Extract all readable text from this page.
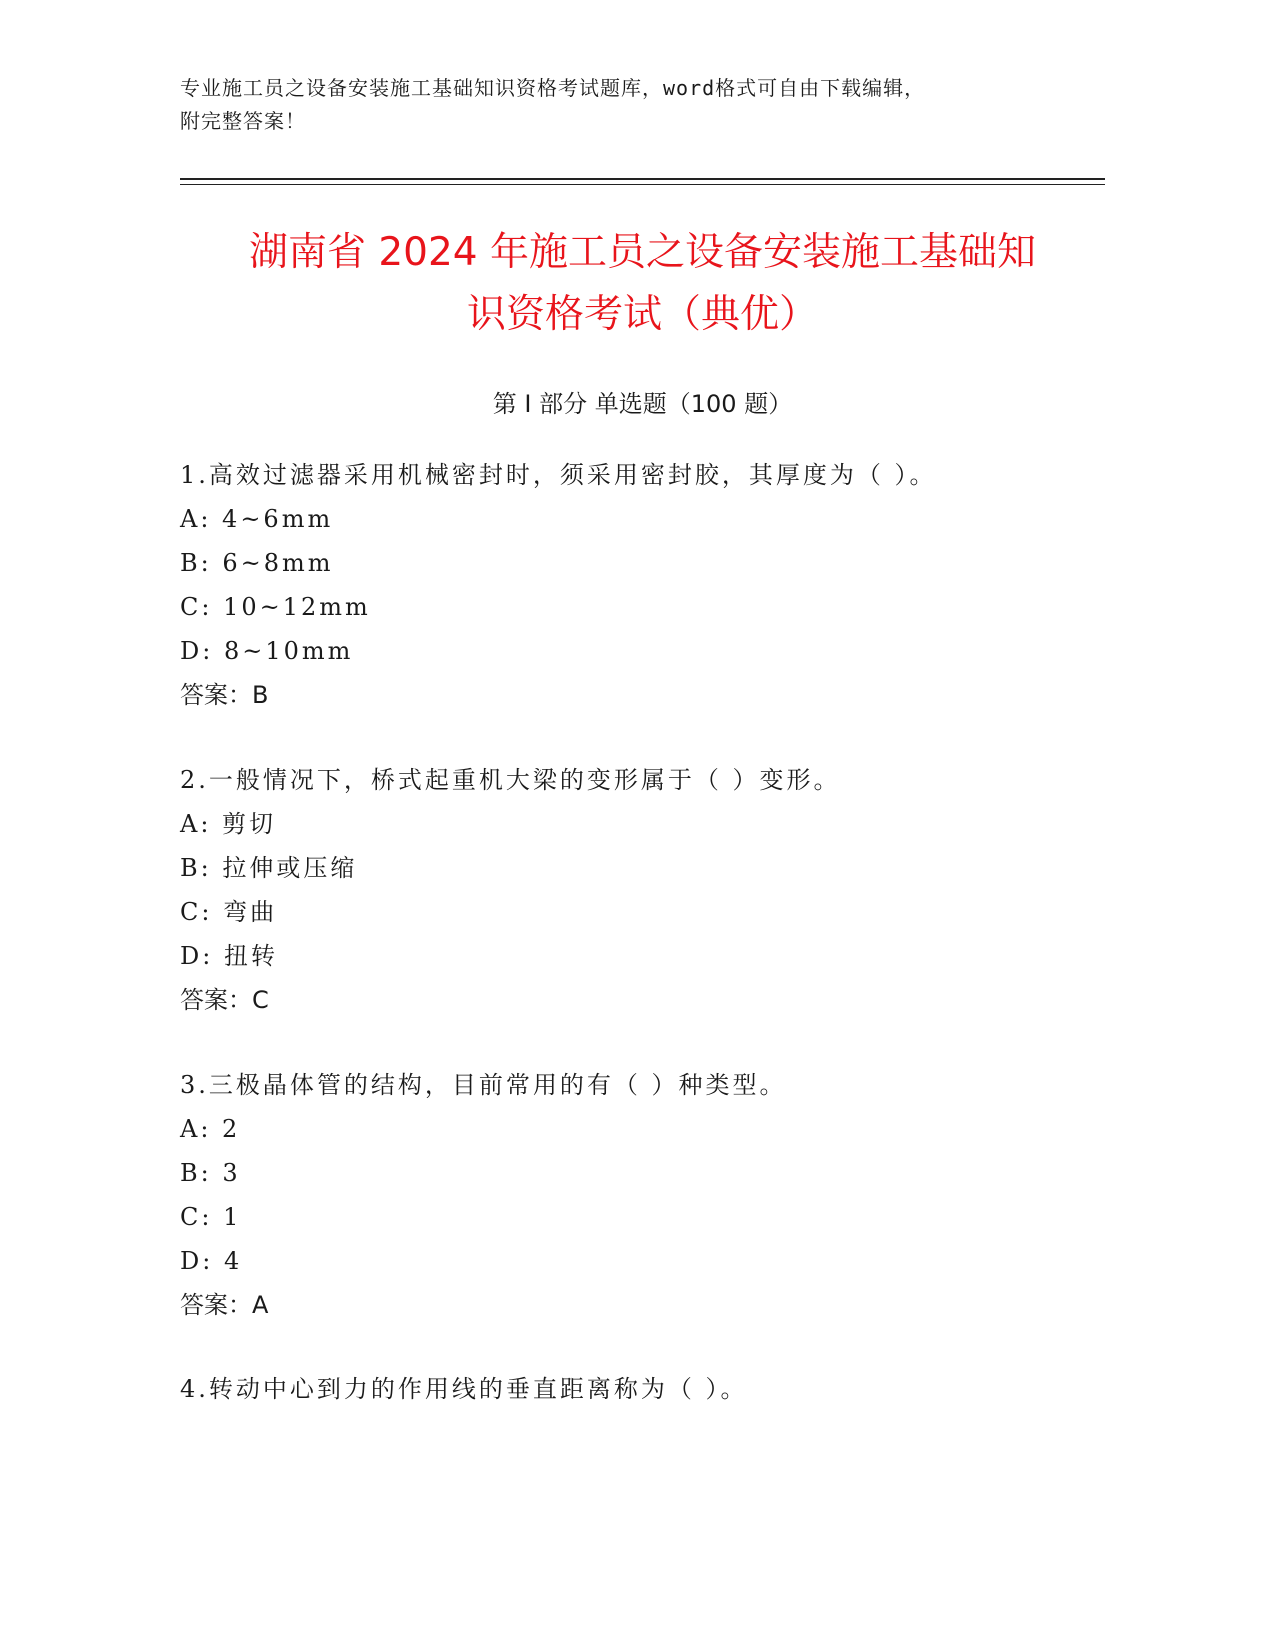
专业施工员之设备安装施工基础知识资格考试题库，word格式可自由下载编辑，
附完整答案！
湖南省 2024 年施工员之设备安装施工基础知
识资格考试（典优）
第 I 部分 单选题（100 题）
1.高效过滤器采用机械密封时，须采用密封胶，其厚度为（ ）。
A: 4~6mm
B: 6~8mm
C: 10~12mm
D: 8~10mm
答案：B
2.一般情况下，桥式起重机大梁的变形属于（ ）变形。
A: 剪切
B: 拉伸或压缩
C: 弯曲
D: 扭转
答案：C
3.三极晶体管的结构，目前常用的有（ ）种类型。
A: 2
B: 3
C: 1
D: 4
答案：A
4.转动中心到力的作用线的垂直距离称为（ ）。
